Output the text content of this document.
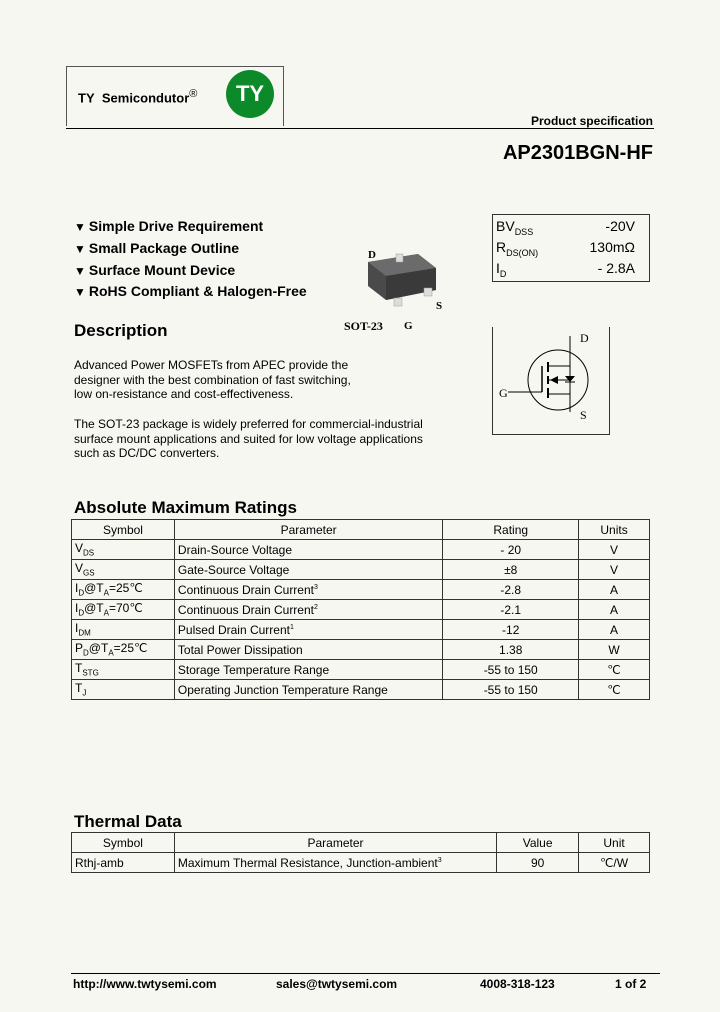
TY Semicondutor® TY
Product specification
AP2301BGN-HF
▼ Simple Drive Requirement
▼ Small Package Outline
▼ Surface Mount Device
▼ RoHS Compliant & Halogen-Free
D
S
G
SOT-23
$BV_{DSS}$	-20V
$R_{DS(ON)}$	130mΩ
$I_D$	- 2.8A
D
G
S
Description
Advanced Power MOSFETs from APEC provide the
designer with the best combination of fast switching,
low on-resistance and cost-effectiveness.
The SOT-23 package is widely preferred for commercial-industrial
surface mount applications and suited for low voltage applications
such as DC/DC converters.
Absolute Maximum Ratings
Symbol	Parameter	Rating	Units
$V_{DS}$	Drain-Source Voltage	- 20	V
$V_{GS}$	Gate-Source Voltage	±8	V
$I_D@T_A=25℃$	Continuous Drain Current$^3$	-2.8	A
$I_D@T_A=70℃$	Continuous Drain Current$^2$	-2.1	A
$I_{DM}$	Pulsed Drain Current$^1$	-12	A
$P_D@T_A=25℃$	Total Power Dissipation	1.38	W
$T_{STG}$	Storage Temperature Range	-55 to 150	℃
$T_J$	Operating Junction Temperature Range	-55 to 150	℃
Thermal Data
Symbol	Parameter	Value	Unit
Rthj-amb	Maximum Thermal Resistance, Junction-ambient$^3$	90	℃/W
http://www.twtysemi.com	sales@twtysemi.com	4008-318-123	1 of 2
